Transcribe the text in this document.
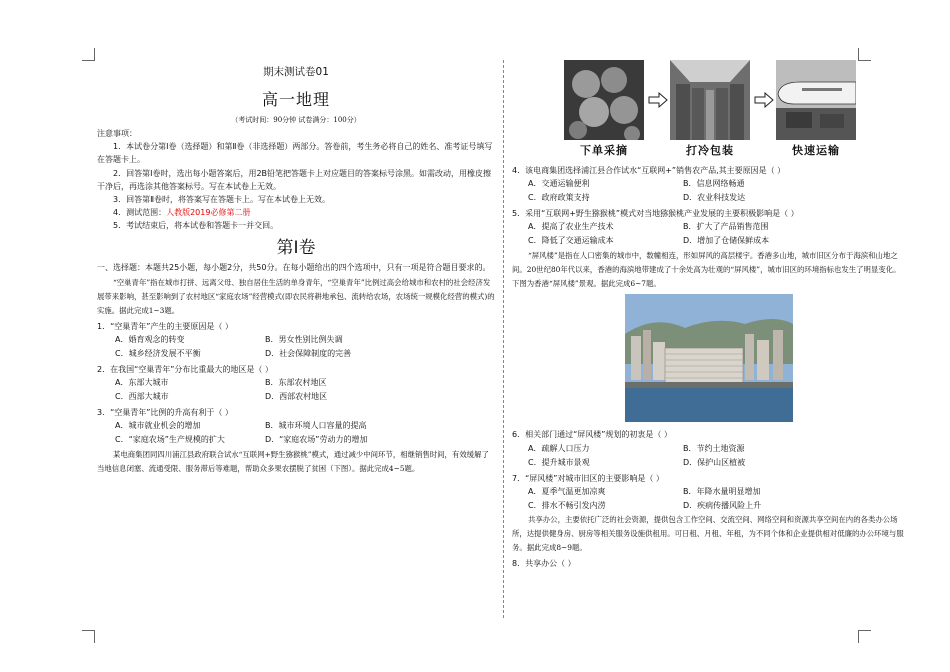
期末测试卷01
高一地理
（考试时间：90分钟 试卷满分：100分）
注意事项：
1．本试卷分第Ⅰ卷（选择题）和第Ⅱ卷（非选择题）两部分。答卷前，考生务必将自己的姓名、准考证号填写在答题卡上。
2．回答第Ⅰ卷时，选出每小题答案后，用2B铅笔把答题卡上对应题目的答案标号涂黑。如需改动，用橡皮擦干净后，再选涂其他答案标号。写在本试卷上无效。
3．回答第Ⅱ卷时，将答案写在答题卡上。写在本试卷上无效。
4．测试范围：人教版2019必修第二册
5．考试结束后，将本试卷和答题卡一并交回。
第Ⅰ卷
一、选择题：本题共25小题，每小题2分，共50分。在每小题给出的四个选项中，只有一项是符合题目要求的。
“空巢青年”指在城市打拼、远离父母、独自居住生活的单身青年，“空巢青年”比例过高会给城市和农村的社会经济发展带来影响，甚至影响到了农村地区“家庭农场”经营模式(即农民将耕地承包、流转给农场，农场统一规模化经营的模式)的实施。据此完成1~3题。
1．“空巢青年”产生的主要原因是（ ）
A．婚育观念的转变	B．男女性别比例失调
C．城乡经济发展不平衡	D．社会保障制度的完善
2．在我国“空巢青年”分布比重最大的地区是（ ）
A．东部大城市	B．东部农村地区
C．西部大城市	D．西部农村地区
3．“空巢青年”比例的升高有利于（ ）
A．城市就业机会的增加	B．城市环境人口容量的提高
C．“家庭农场”生产规模的扩大	D．“家庭农场”劳动力的增加
某电商集团同四川浦江县政府联合试水“互联网+野生猕猴桃”模式，通过减少中间环节，相继销售时间，有效缓解了当地信息闭塞、流通受限、服务滞后等难题，帮助众多果农摆脱了贫困（下图）。据此完成4~5题。
下单采摘	打冷包装	快速运输
4．该电商集团选择浦江县合作试水“互联网+”销售农产品,其主要原因是（ ）
A．交通运输便利	B．信息网络畅通
C．政府政策支持	D．农业科技发达
5．采用“互联网+野生猕猴桃”模式对当地猕猴桃产业发展的主要积极影响是（ ）
A．提高了农业生产技术	B．扩大了产品销售范围
C．降低了交通运输成本	D．增加了仓储保鲜成本
“屏风楼”是指在人口密集的城市中，数幢相连，形如屏风的高层楼宇。香港多山地，城市旧区分布于海滨和山地之间。20世纪80年代以来，香港的海滨地带建成了十余处高为壮观的“屏风楼”，城市旧区的环境指标也发生了明显变化。下图为香港“屏风楼”景观。据此完成6~7题。
6．相关部门通过“屏风楼”规划的初衷是（ ）
A．疏解人口压力	B．节约土地资源
C．提升城市景观	D．保护山区植被
7．“屏风楼”对城市旧区的主要影响是（ ）
A．夏季气温更加凉爽	B．年降水量明显增加
C．排水不畅引发内涝	D．疾病传播风险上升
共享办公，主要依托广泛的社会资源，提供包含工作空间、交流空间、网络空间和资源共享空间在内的各类办公场所，达提供健身房、厨房等相关服务设施供租用。可日租、月租、年租，为不同个体和企业提供相对低廉的办公环境与服务。据此完成8~9题。
8．共享办公（ ）
